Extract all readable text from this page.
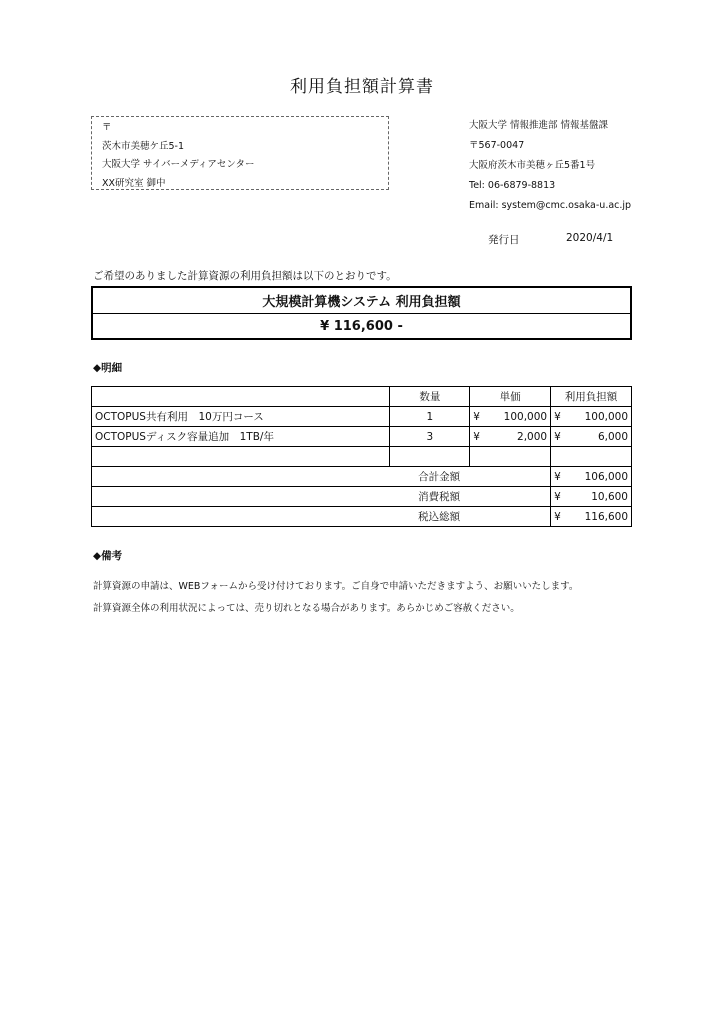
利用負担額計算書
〒
茨木市美穂ケ丘5-1
大阪大学 サイバーメディアセンター
XX研究室 御中
大阪大学 情報推進部 情報基盤課
〒567-0047
大阪府茨木市美穂ヶ丘5番1号
Tel: 06-6879-8813
Email: system@cmc.osaka-u.ac.jp
発行日	2020/4/1
ご希望のありました計算資源の利用負担額は以下のとおりです。
大規模計算機システム 利用負担額
¥ 116,600 -
◆明細
	数量	単価	利用負担額
OCTOPUS共有利用　10万円コース	1	¥ 100,000	¥ 100,000

OCTOPUSディスク容量追加　1TB/年	3	¥ 2,000	¥ 6,000

合計金額			¥ 106,000

消費税額			¥ 10,600

税込総額			¥ 116,600
◆備考
計算資源の申請は、WEBフォームから受け付けております。ご自身で申請いただきますよう、お願いいたします。
計算資源全体の利用状況によっては、売り切れとなる場合があります。あらかじめご容赦ください。
